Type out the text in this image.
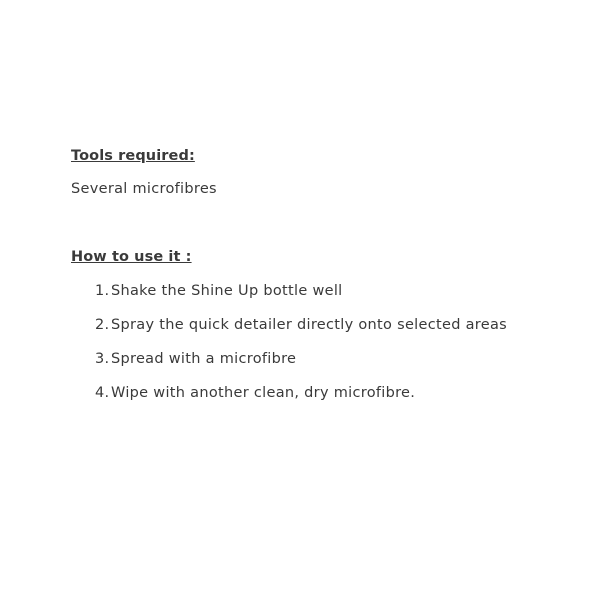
Tools required:

Several microfibres

How to use it :

1. Shake the Shine Up bottle well
2. Spray the quick detailer directly onto selected areas
3. Spread with a microfibre
4. Wipe with another clean, dry microfibre.
